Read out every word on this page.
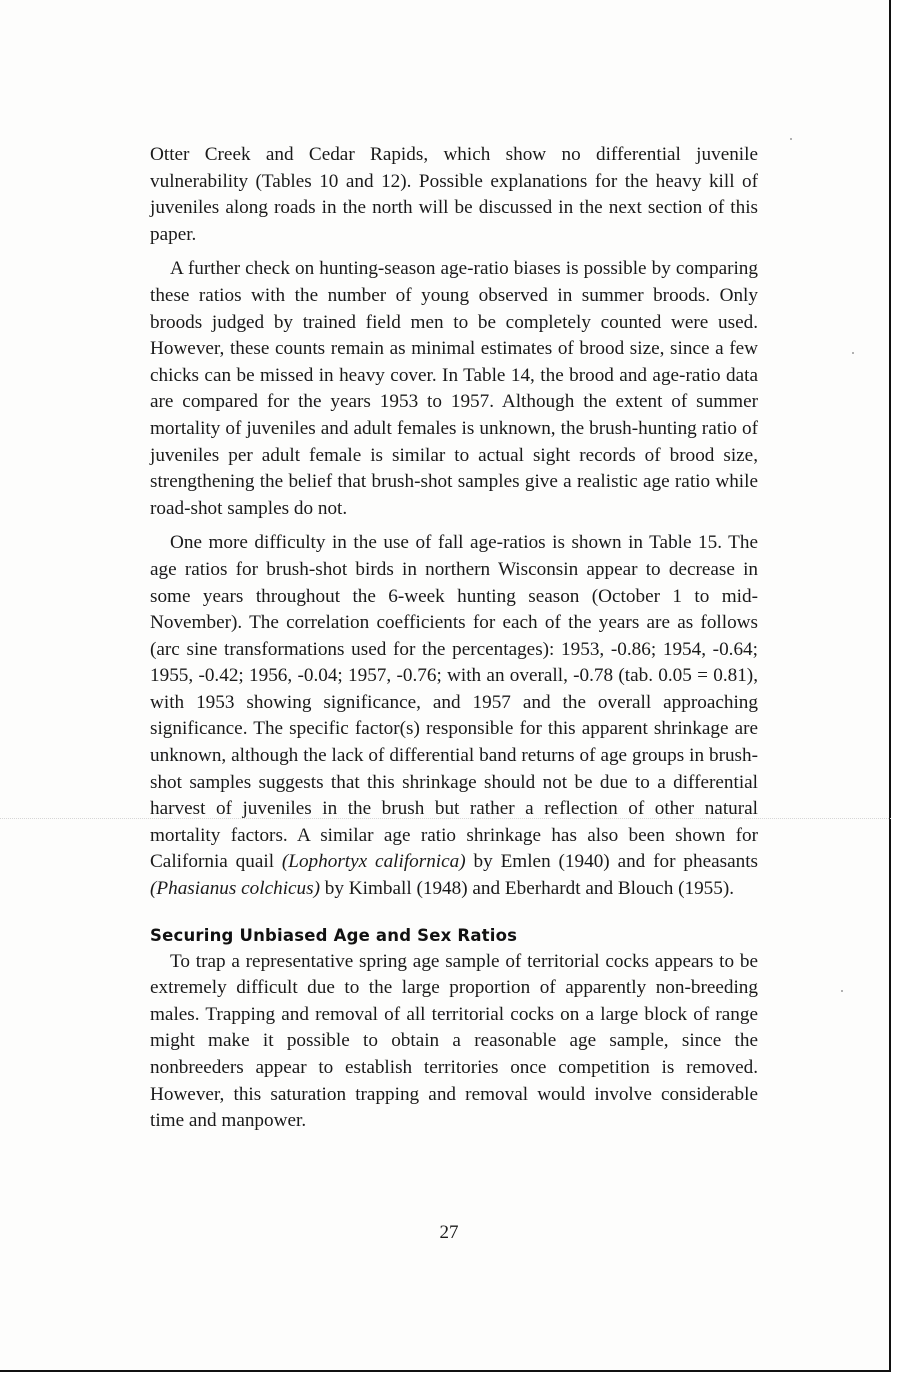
Otter Creek and Cedar Rapids, which show no differential juvenile vulnerability (Tables 10 and 12). Possible explanations for the heavy kill of juveniles along roads in the north will be discussed in the next section of this paper.

A further check on hunting-season age-ratio biases is possible by comparing these ratios with the number of young observed in summer broods. Only broods judged by trained field men to be completely counted were used. However, these counts remain as minimal estimates of brood size, since a few chicks can be missed in heavy cover. In Table 14, the brood and age-ratio data are compared for the years 1953 to 1957. Although the extent of summer mortality of juveniles and adult females is unknown, the brush-hunting ratio of juveniles per adult female is similar to actual sight records of brood size, strengthening the belief that brush-shot samples give a realistic age ratio while road-shot samples do not.

One more difficulty in the use of fall age-ratios is shown in Table 15. The age ratios for brush-shot birds in northern Wisconsin appear to decrease in some years throughout the 6-week hunting season (October 1 to mid-November). The correlation coefficients for each of the years are as follows (arc sine transformations used for the percentages): 1953, -0.86; 1954, -0.64; 1955, -0.42; 1956, -0.04; 1957, -0.76; with an overall, -0.78 (tab. 0.05 = 0.81), with 1953 showing significance, and 1957 and the overall approaching significance. The specific factor(s) responsible for this apparent shrinkage are unknown, although the lack of differential band returns of age groups in brush-shot samples suggests that this shrinkage should not be due to a differential harvest of juveniles in the brush but rather a reflection of other natural mortality factors. A similar age ratio shrinkage has also been shown for California quail (Lophortyx californica) by Emlen (1940) and for pheasants (Phasianus colchicus) by Kimball (1948) and Eberhardt and Blouch (1955).

Securing Unbiased Age and Sex Ratios

To trap a representative spring age sample of territorial cocks appears to be extremely difficult due to the large proportion of apparently non-breeding males. Trapping and removal of all territorial cocks on a large block of range might make it possible to obtain a reasonable age sample, since the nonbreeders appear to establish territories once competition is removed. However, this saturation trapping and removal would involve considerable time and manpower.

27
